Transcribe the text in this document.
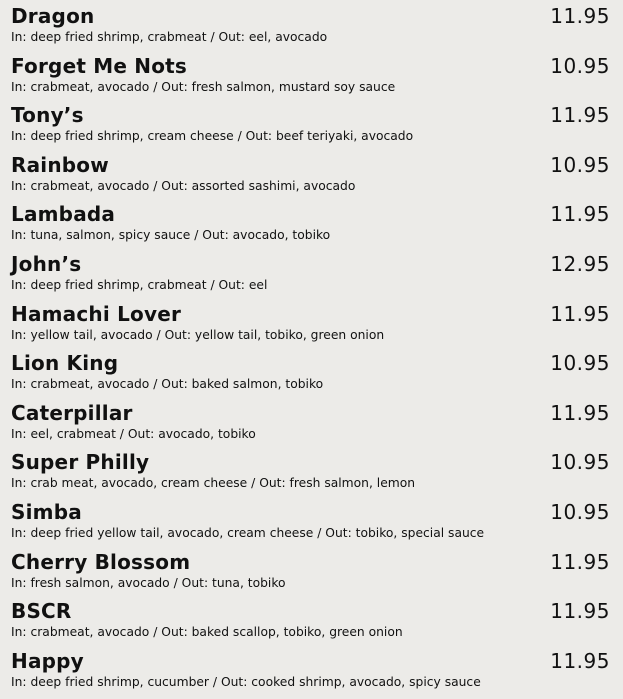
Dragon	11.95
In: deep fried shrimp, crabmeat / Out: eel, avocado
Forget Me Nots	10.95
In: crabmeat, avocado / Out: fresh salmon, mustard soy sauce
Tony’s	11.95
In: deep fried shrimp, cream cheese / Out: beef teriyaki, avocado
Rainbow	10.95
In: crabmeat, avocado / Out: assorted sashimi, avocado
Lambada	11.95
In: tuna, salmon, spicy sauce / Out: avocado, tobiko
John’s	12.95
In: deep fried shrimp, crabmeat / Out: eel
Hamachi Lover	11.95
In: yellow tail, avocado / Out: yellow tail, tobiko, green onion
Lion King	10.95
In: crabmeat, avocado / Out: baked salmon, tobiko
Caterpillar	11.95
In: eel, crabmeat / Out: avocado, tobiko
Super Philly	10.95
In: crab meat, avocado, cream cheese / Out: fresh salmon, lemon
Simba	10.95
In: deep fried yellow tail, avocado, cream cheese / Out: tobiko, special sauce
Cherry Blossom	11.95
In: fresh salmon, avocado / Out: tuna, tobiko
BSCR	11.95
In: crabmeat, avocado / Out: baked scallop, tobiko, green onion
Happy	11.95
In: deep fried shrimp, cucumber / Out: cooked shrimp, avocado, spicy sauce
